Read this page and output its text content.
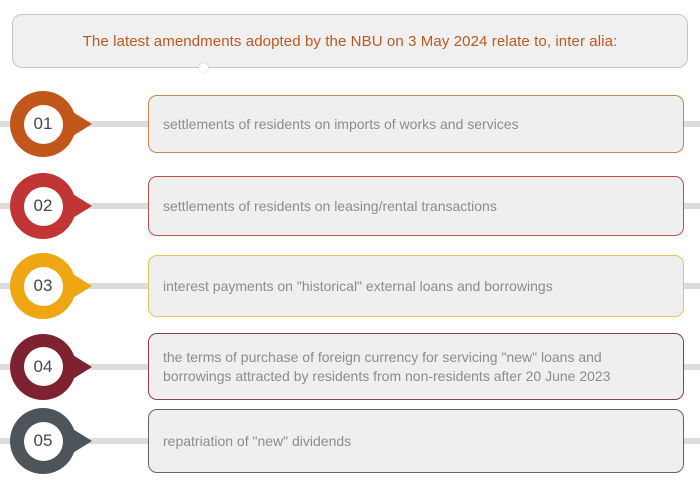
The latest amendments adopted by the NBU on 3 May 2024 relate to, inter alia:
01	settlements of residents on imports of works and services
02	settlements of residents on leasing/rental transactions
03	interest payments on "historical" external loans and borrowings
04	the terms of purchase of foreign currency for servicing "new" loans and borrowings attracted by residents from non-residents after 20 June 2023
05	repatriation of "new" dividends
